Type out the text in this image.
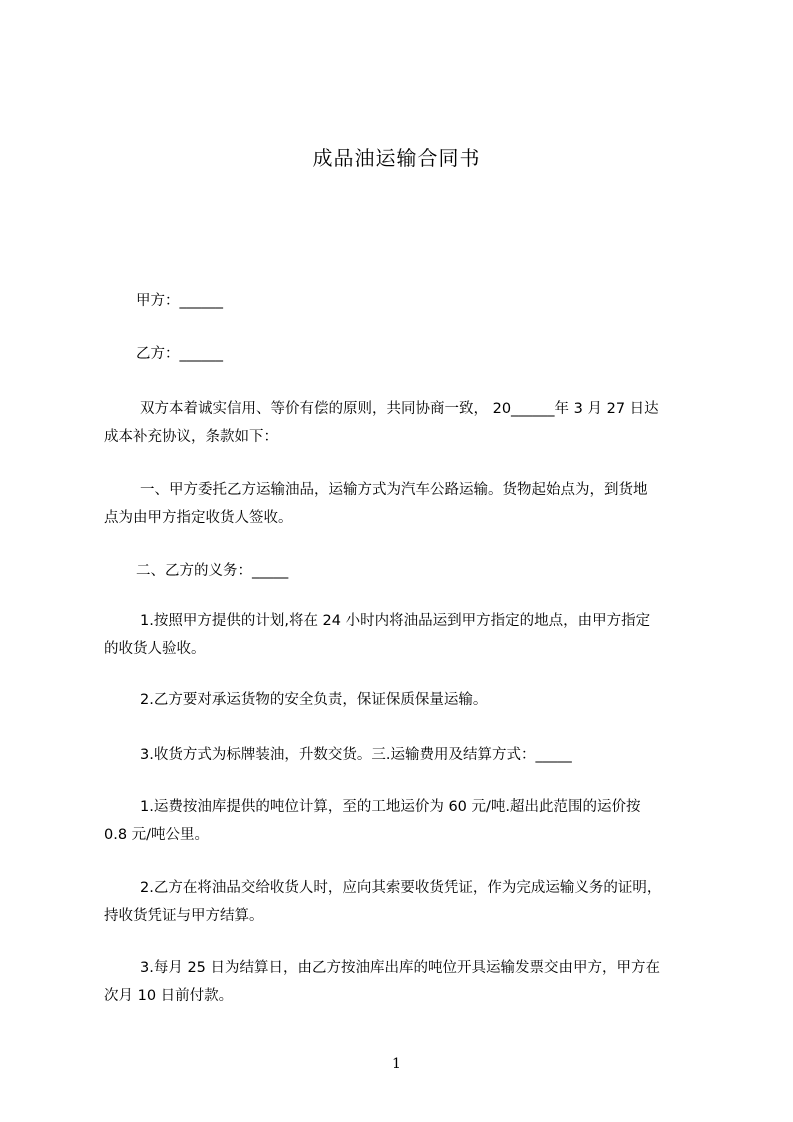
成品油运输合同书
甲方：______
乙方：______
双方本着诚实信用、等价有偿的原则，共同协商一致， 20______年 3 月 27 日达
成本补充协议，条款如下：
一、甲方委托乙方运输油品，运输方式为汽车公路运输。货物起始点为，到货地
点为由甲方指定收货人签收。
二、乙方的义务：_____
1.按照甲方提供的计划,将在 24 小时内将油品运到甲方指定的地点，由甲方指定
的收货人验收。
2.乙方要对承运货物的安全负责，保证保质保量运输。
3.收货方式为标牌装油，升数交货。三.运输费用及结算方式：_____
1.运费按油库提供的吨位计算，至的工地运价为 60 元/吨.超出此范围的运价按
0.8 元/吨公里。
2.乙方在将油品交给收货人时，应向其索要收货凭证，作为完成运输义务的证明，
持收货凭证与甲方结算。
3.每月 25 日为结算日，由乙方按油库出库的吨位开具运输发票交由甲方，甲方在
次月 10 日前付款。
1
